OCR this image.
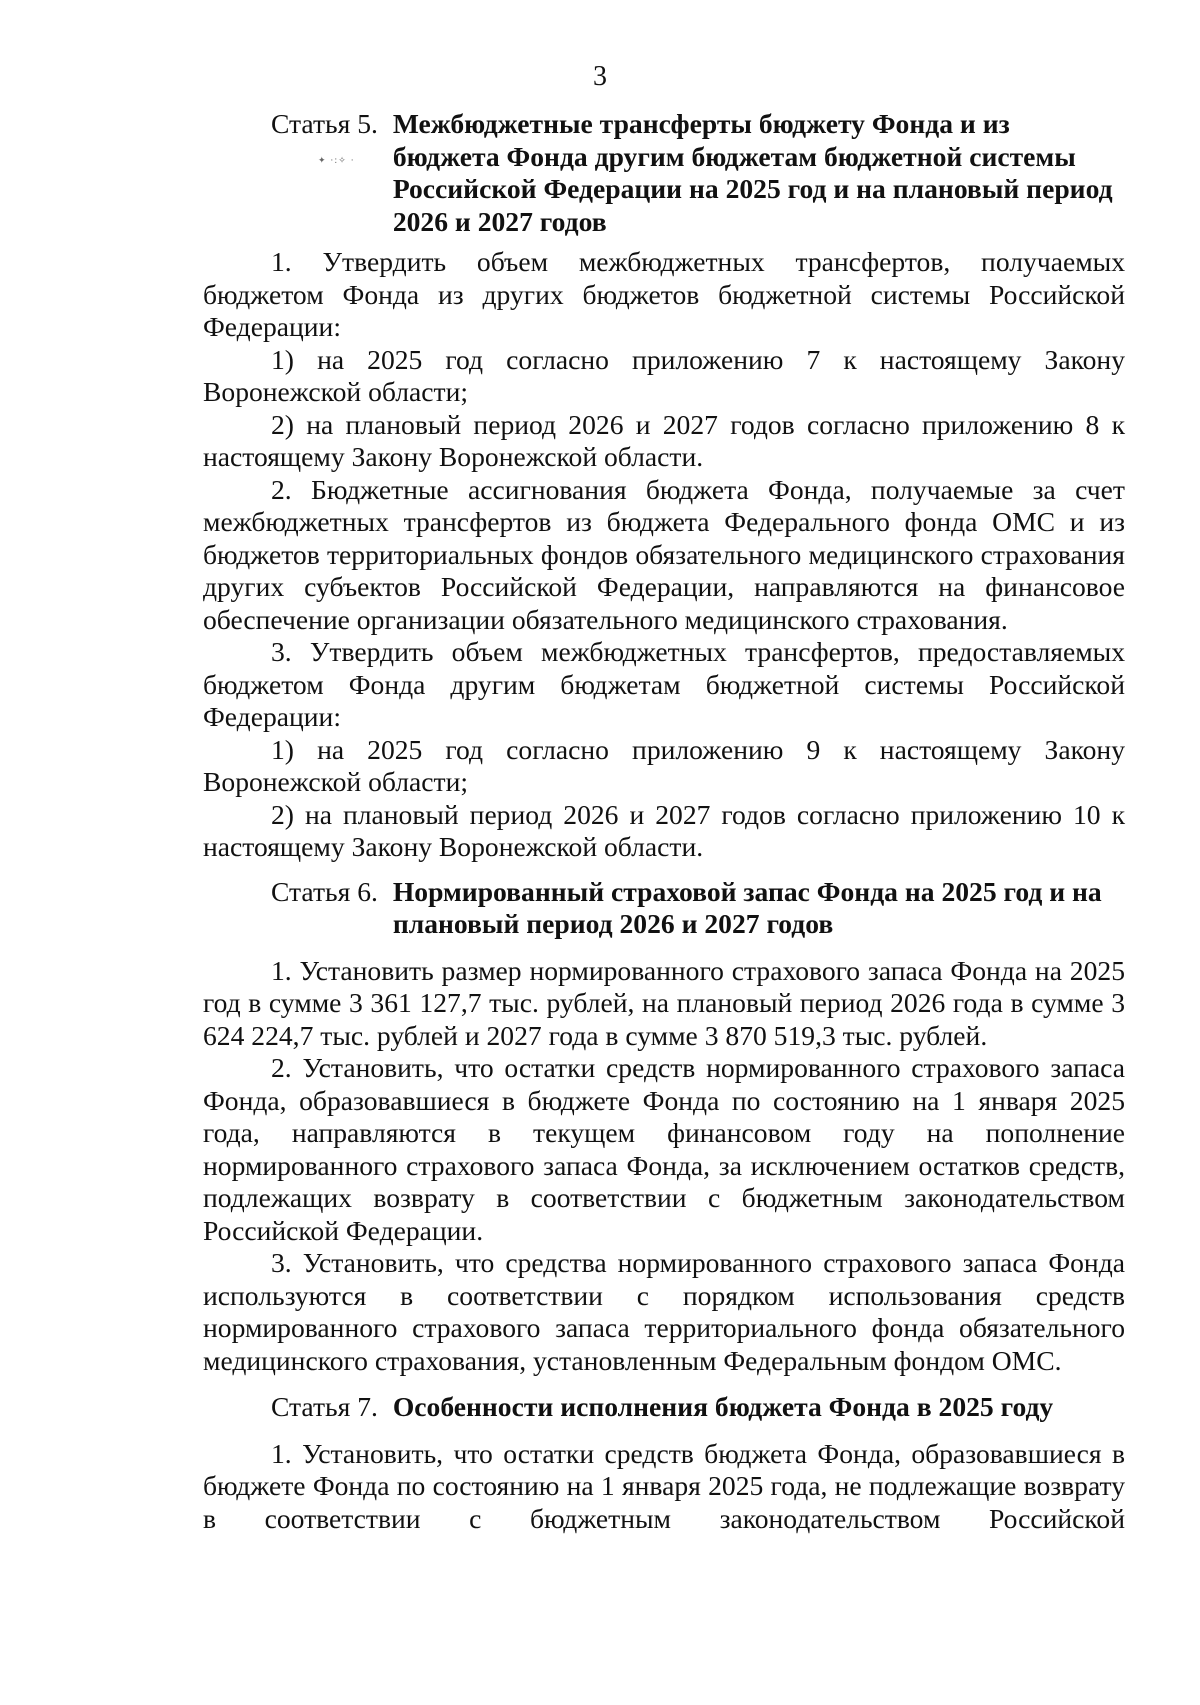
3
✦ ·:✧ ·
Статья 5. Межбюджетные трансферты бюджету Фонда и из бюджета Фонда другим бюджетам бюджетной системы Российской Федерации на 2025 год и на плановый период 2026 и 2027 годов

1. Утвердить объем межбюджетных трансфертов, получаемых бюджетом Фонда из других бюджетов бюджетной системы Российской Федерации:

1) на 2025 год согласно приложению 7 к настоящему Закону Воронежской области;

2) на плановый период 2026 и 2027 годов согласно приложению 8 к настоящему Закону Воронежской области.

2. Бюджетные ассигнования бюджета Фонда, получаемые за счет межбюджетных трансфертов из бюджета Федерального фонда ОМС и из бюджетов территориальных фондов обязательного медицинского страхования других субъектов Российской Федерации, направляются на финансовое обеспечение организации обязательного медицинского страхования.

3. Утвердить объем межбюджетных трансфертов, предоставляемых бюджетом Фонда другим бюджетам бюджетной системы Российской Федерации:

1) на 2025 год согласно приложению 9 к настоящему Закону Воронежской области;

2) на плановый период 2026 и 2027 годов согласно приложению 10 к настоящему Закону Воронежской области.

Статья 6. Нормированный страховой запас Фонда на 2025 год и на плановый период 2026 и 2027 годов

1. Установить размер нормированного страхового запаса Фонда на 2025 год в сумме 3 361 127,7 тыс. рублей, на плановый период 2026 года в сумме 3 624 224,7 тыс. рублей и 2027 года в сумме 3 870 519,3 тыс. рублей.

2. Установить, что остатки средств нормированного страхового запаса Фонда, образовавшиеся в бюджете Фонда по состоянию на 1 января 2025 года, направляются в текущем финансовом году на пополнение нормированного страхового запаса Фонда, за исключением остатков средств, подлежащих возврату в соответствии с бюджетным законодательством Российской Федерации.

3. Установить, что средства нормированного страхового запаса Фонда используются в соответствии с порядком использования средств нормированного страхового запаса территориального фонда обязательного медицинского страхования, установленным Федеральным фондом ОМС.

Статья 7. Особенности исполнения бюджета Фонда в 2025 году

1. Установить, что остатки средств бюджета Фонда, образовавшиеся в бюджете Фонда по состоянию на 1 января 2025 года, не подлежащие возврату в соответствии с бюджетным законодательством Российской
